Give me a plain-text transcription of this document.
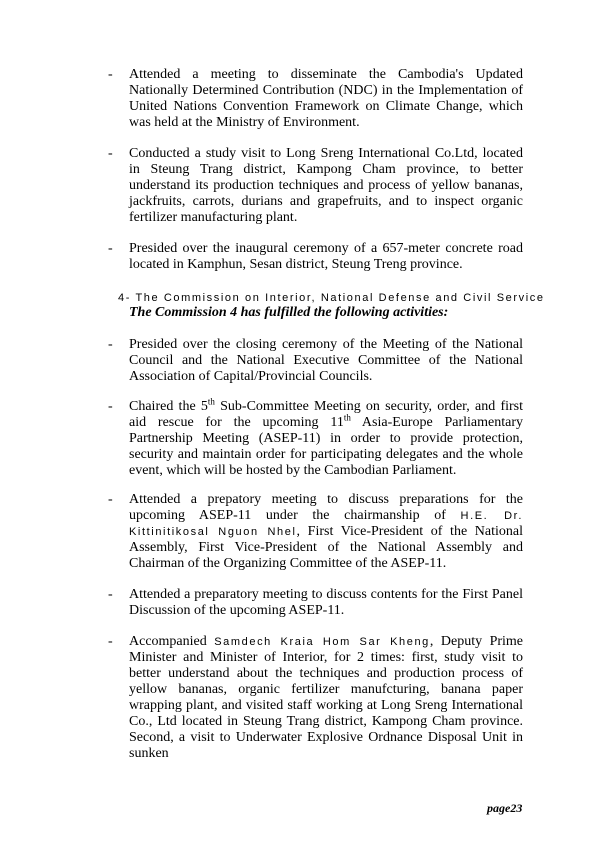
- Attended a meeting to disseminate the Cambodia's Updated Nationally Determined Contribution (NDC) in the Implementation of United Nations Convention Framework on Climate Change, which was held at the Ministry of Environment.
- Conducted a study visit to Long Sreng International Co.Ltd, located in Steung Trang district, Kampong Cham province, to better understand its production techniques and process of yellow bananas, jackfruits, carrots, durians and grapefruits, and to inspect organic fertilizer manufacturing plant.
- Presided over the inaugural ceremony of a 657-meter concrete road located in Kamphun, Sesan district, Steung Treng province.
4- The Commission on Interior, National Defense and Civil Service
The Commission 4 has fulfilled the following activities:
- Presided over the closing ceremony of the Meeting of the National Council and the National Executive Committee of the National Association of Capital/Provincial Councils.
- Chaired the 5th Sub-Committee Meeting on security, order, and first aid rescue for the upcoming 11th Asia-Europe Parliamentary Partnership Meeting (ASEP-11) in order to provide protection, security and maintain order for participating delegates and the whole event, which will be hosted by the Cambodian Parliament.
- Attended a prepatory meeting to discuss preparations for the upcoming ASEP-11 under the chairmanship of H.E. Dr. Kittinitikosal Nguon Nhel, First Vice-President of the National Assembly, First Vice-President of the National Assembly and Chairman of the Organizing Committee of the ASEP-11.
- Attended a preparatory meeting to discuss contents for the First Panel Discussion of the upcoming ASEP-11.
- Accompanied Samdech Kraia Hom Sar Kheng, Deputy Prime Minister and Minister of Interior, for 2 times: first, study visit to better understand about the techniques and production process of yellow bananas, organic fertilizer manufcturing, banana paper wrapping plant, and visited staff working at Long Sreng International Co., Ltd located in Steung Trang district, Kampong Cham province. Second, a visit to Underwater Explosive Ordnance Disposal Unit in sunken
page23
